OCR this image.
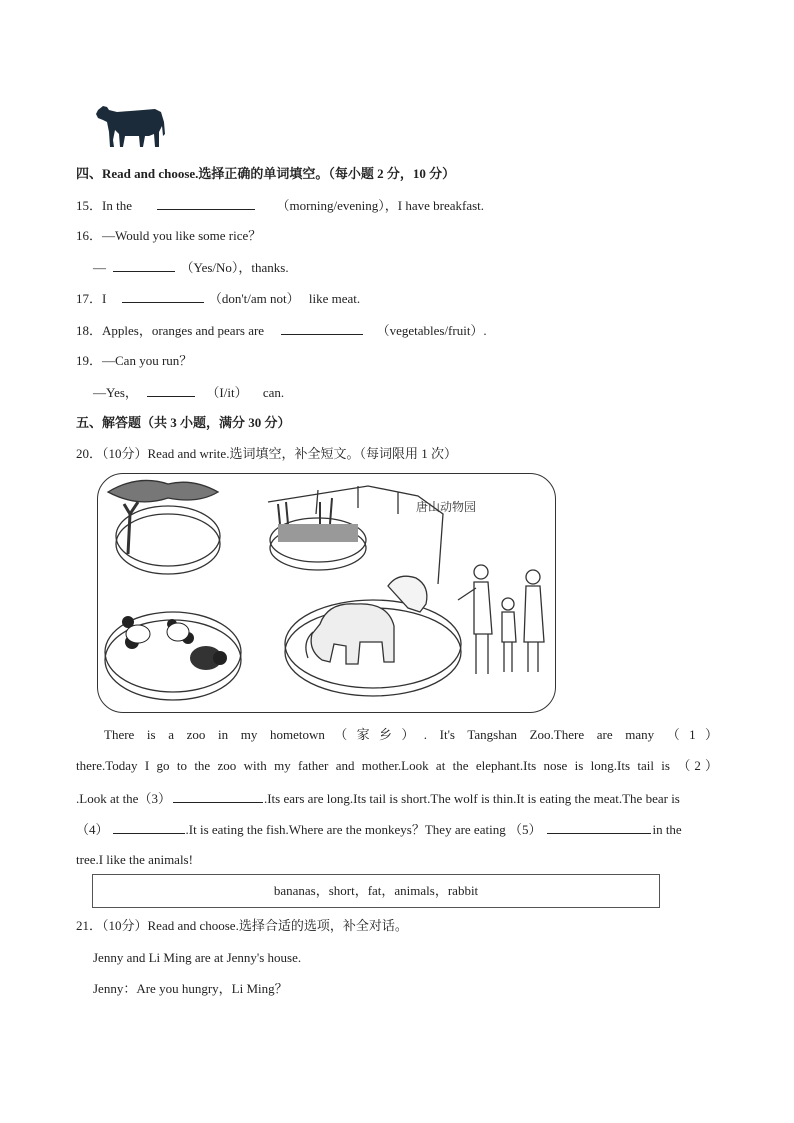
四、Read and choose.选择正确的单词填空。（每小题 2 分，10 分）
15．In the	（morning/evening），I have breakfast.
16．—Would you like some rice？
—	（Yes/No），thanks.
17．I	（don't/am not） like meat.
18．Apples，oranges and pears are	（vegetables/fruit）.
19．—Can you run？
—Yes，	（I/it） can.
五、解答题（共 3 小题，满分 30 分）
20．（10分）Read and write.选词填空，补全短文。（每词限用 1 次）
唐山动物园
There is a zoo in my hometown（家乡）. It's Tangshan Zoo.There are many （1）
there.Today I go to the zoo with my father and mother.Look at the elephant.Its nose is long.Its tail is （2）
.Look at the（3）	.Its ears are long.Its tail is short.The wolf is thin.It is eating the meat.The bear is
（4）	.It is eating the fish.Where are the monkeys？They are eating （5）	in the
tree.I like the animals!
bananas，short，fat，animals，rabbit
21．（10分）Read and choose.选择合适的选项，补全对话。
Jenny and Li Ming are at Jenny's house.
Jenny：Are you hungry，Li Ming？
